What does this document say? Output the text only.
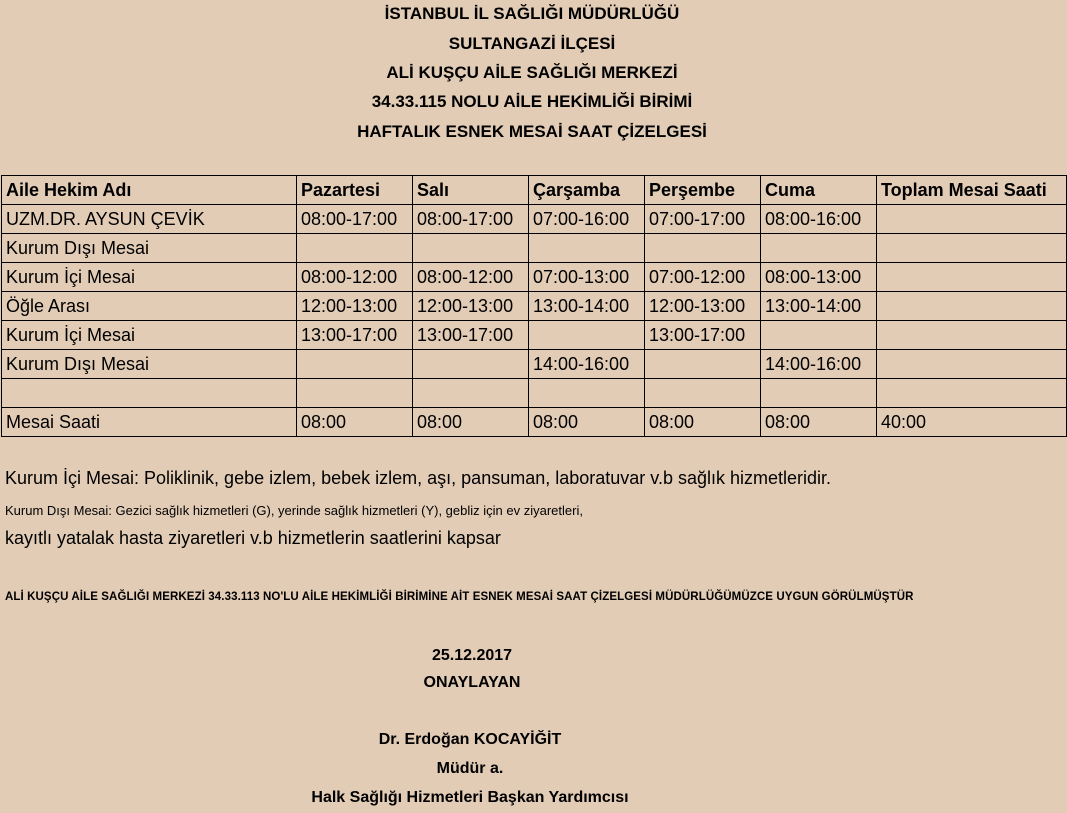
İSTANBUL İL SAĞLIĞI MÜDÜRLÜĞÜ
SULTANGAZİ İLÇESİ
ALİ KUŞÇU AİLE SAĞLIĞI MERKEZİ
34.33.115 NOLU AİLE HEKİMLİĞİ BİRİMİ
HAFTALIK ESNEK MESAİ SAAT ÇİZELGESİ
Aile Hekim Adı	Pazartesi	Salı	Çarşamba	Perşembe	Cuma	Toplam Mesai Saati
UZM.DR. AYSUN ÇEVİK	08:00-17:00	08:00-17:00	07:00-16:00	07:00-17:00	08:00-16:00	
Kurum Dışı Mesai						
Kurum İçi Mesai	08:00-12:00	08:00-12:00	07:00-13:00	07:00-12:00	08:00-13:00	
Öğle Arası	12:00-13:00	12:00-13:00	13:00-14:00	12:00-13:00	13:00-14:00	
Kurum İçi Mesai	13:00-17:00	13:00-17:00		13:00-17:00		
Kurum Dışı Mesai			14:00-16:00		14:00-16:00	

Mesai Saati	08:00	08:00	08:00	08:00	08:00	40:00
Kurum İçi Mesai: Poliklinik, gebe izlem, bebek izlem, aşı, pansuman, laboratuvar v.b sağlık hizmetleridir.
Kurum Dışı Mesai: Gezici sağlık hizmetleri (G), yerinde sağlık hizmetleri (Y), gebliz için ev ziyaretleri,
kayıtlı yatalak hasta ziyaretleri v.b hizmetlerin saatlerini kapsar
ALİ KUŞÇU AİLE SAĞLIĞI MERKEZİ 34.33.113 NO'LU AİLE HEKİMLİĞİ BİRİMİNE AİT ESNEK MESAİ SAAT ÇİZELGESİ MÜDÜRLÜĞÜMÜZCE UYGUN GÖRÜLMÜŞTÜR
25.12.2017
ONAYLAYAN
Dr. Erdoğan KOCAYİĞİT
Müdür a.
Halk Sağlığı Hizmetleri Başkan Yardımcısı
